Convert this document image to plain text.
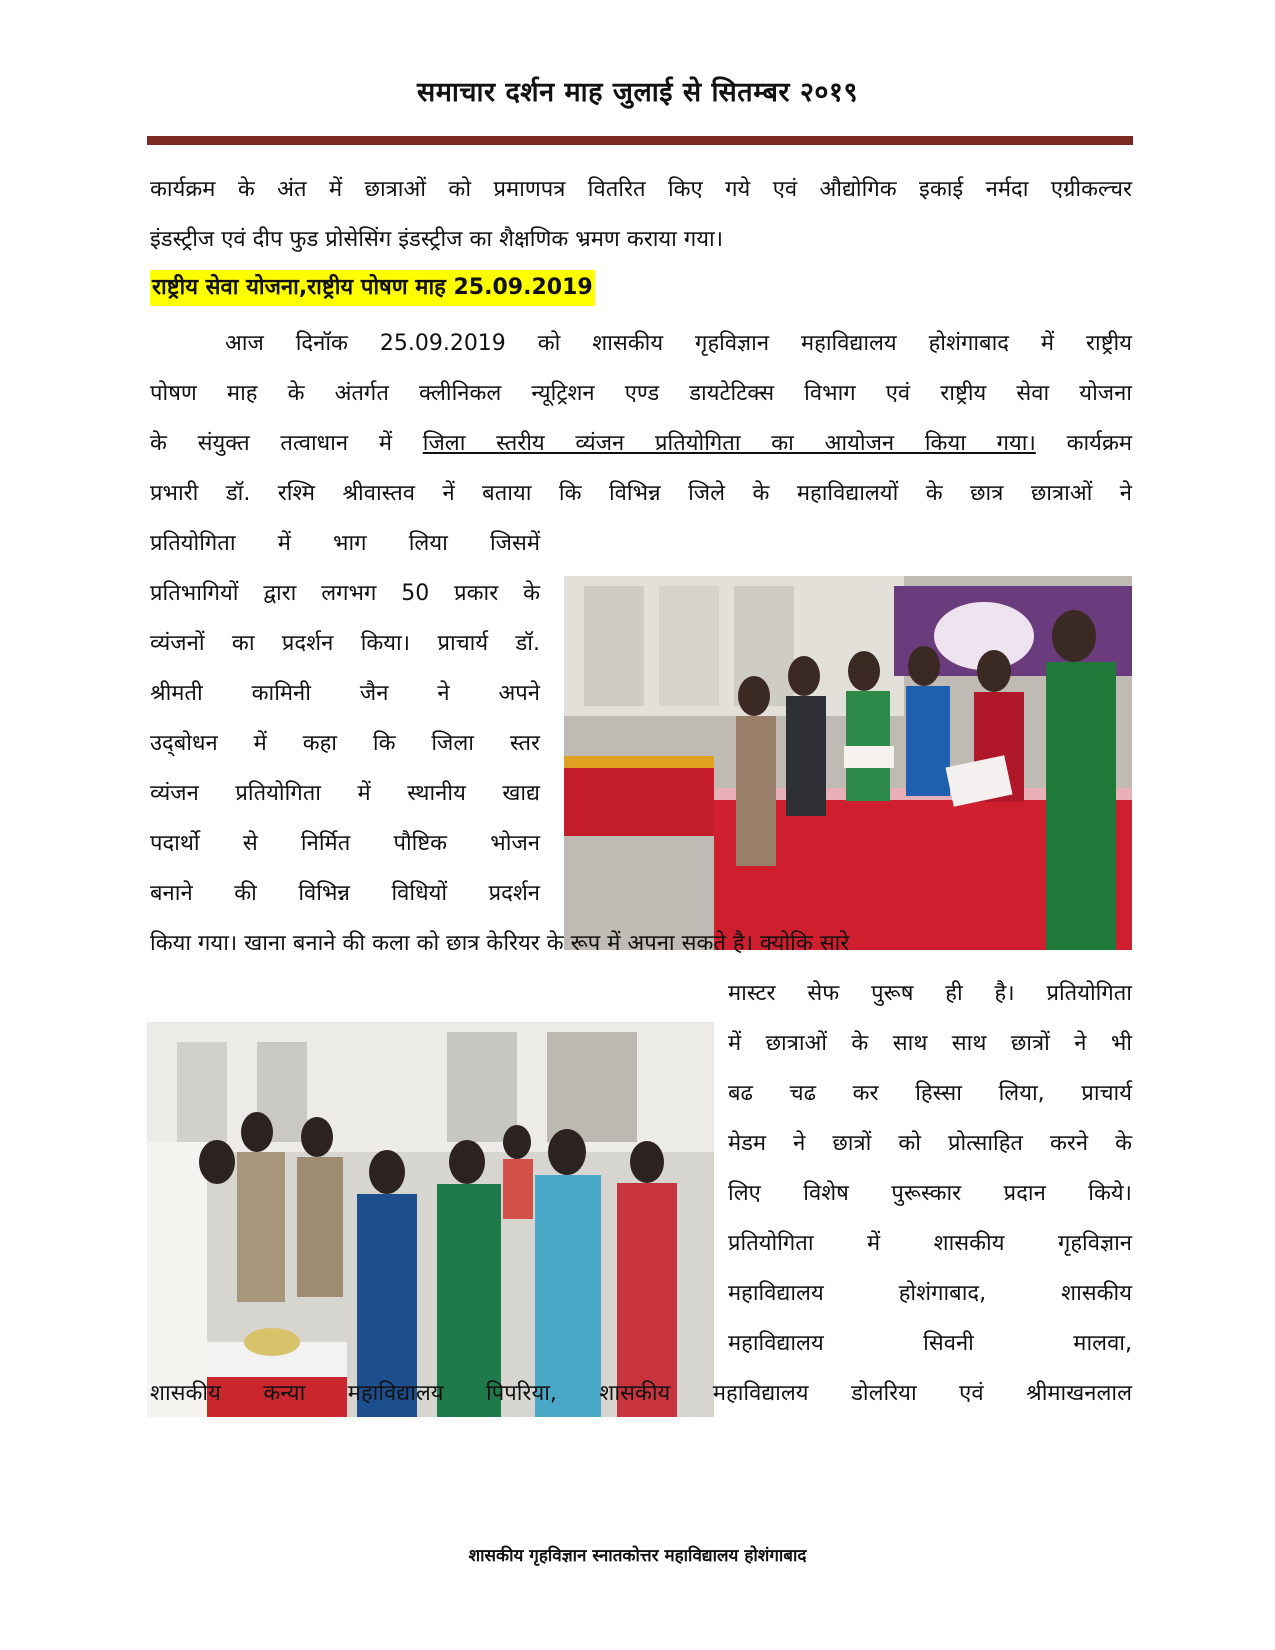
समाचार दर्शन माह जुलाई से सितम्बर २०१९
कार्यक्रम के अंत में छात्राओं को प्रमाणपत्र वितरित किए गये एवं औद्योगिक इकाई नर्मदा एग्रीकल्चर
इंडस्ट्रीज एवं दीप फुड प्रोसेसिंग इंडस्ट्रीज का शैक्षणिक भ्रमण कराया गया।
राष्ट्रीय सेवा योजना,राष्ट्रीय पोषण माह 25.09.2019
आज दिनॉक 25.09.2019 को शासकीय गृहविज्ञान महाविद्यालय होशंगाबाद में राष्ट्रीय
पोषण माह के अंतर्गत क्लीनिकल न्यूट्रिशन एण्ड डायटेटिक्स विभाग एवं राष्ट्रीय सेवा योजना
के संयुक्त तत्वाधान में जिला स्तरीय व्यंजन प्रतियोगिता का आयोजन किया गया। कार्यक्रम
प्रभारी डॉ. रश्मि श्रीवास्तव नें बताया कि विभिन्न जिले के महाविद्यालयों के छात्र छात्राओं ने
प्रतियोगिता में भाग लिया जिसमें
प्रतिभागियों द्वारा लगभग 50 प्रकार के
व्यंजनों का प्रदर्शन किया। प्राचार्य डॉ.
श्रीमती कामिनी जैन ने अपने
उद्‌बोधन में कहा कि जिला स्तर
व्यंजन प्रतियोगिता में स्थानीय खाद्य
पदार्थो से निर्मित पौष्टिक भोजन
बनाने की विभिन्न विधियों प्रदर्शन
किया गया। खाना बनाने की कला को छात्र केरियर के रूप में अपना सकते है। क्योकि सारे
मास्टर सेफ पुरूष ही है। प्रतियोगिता
में छात्राओं के साथ साथ छात्रों ने भी
बढ चढ कर हिस्सा लिया, प्राचार्य
मेडम ने छात्रों को प्रोत्साहित करने के
लिए विशेष पुरूस्कार प्रदान किये।
प्रतियोगिता में शासकीय गृहविज्ञान
महाविद्यालय होशंगाबाद, शासकीय
महाविद्यालय सिवनी मालवा,
शासकीय कन्या महाविद्यालय पिपरिया, शासकीय महाविद्यालय डोलरिया एवं श्रीमाखनलाल
शासकीय गृहविज्ञान स्नातकोत्तर महाविद्यालय होशंगाबाद
